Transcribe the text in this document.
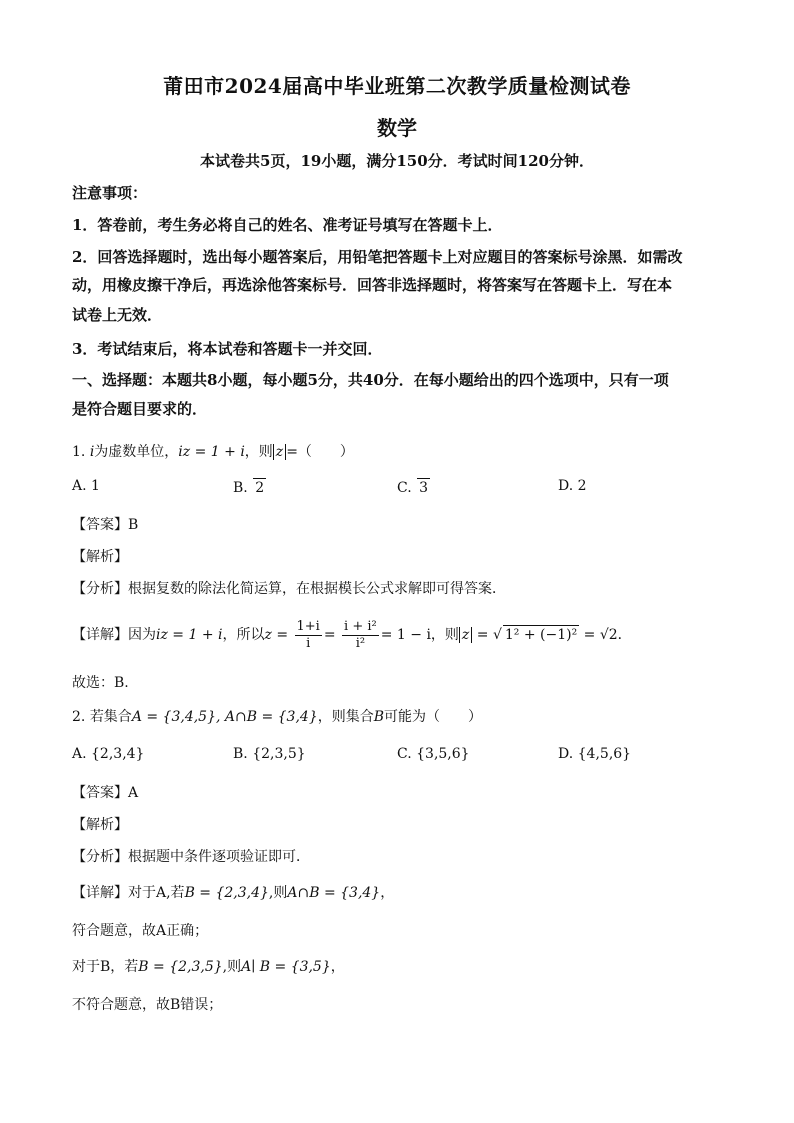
莆田市2024届高中毕业班第二次教学质量检测试卷
数学
本试卷共5页，19小题，满分150分．考试时间120分钟．
注意事项：
1．答卷前，考生务必将自己的姓名、准考证号填写在答题卡上．
2．回答选择题时，选出每小题答案后，用铅笔把答题卡上对应题目的答案标号涂黑．如需改
动，用橡皮擦干净后，再选涂他答案标号．回答非选择题时，将答案写在答题卡上．写在本
试卷上无效．
3．考试结束后，将本试卷和答题卡一并交回．
一、选择题：本题共8小题，每小题5分，共40分．在每小题给出的四个选项中，只有一项
是符合题目要求的．
1. i为虚数单位，iz = 1 + i，则 z =（　　）
A. 1	B. 2	C. 3	D. 2
【答案】B
【解析】
【分析】根据复数的除法化简运算，在根据模长公式求解即可得答案．
【详解】因为iz = 1 + i，所以$z = \frac{1+i}{i} = \frac{\text{i + i²}}{\text{i²}} = 1 - i$，则 z = √ 1² + (−1)² = √2．
故选：B.
2. 若集合A = {3,4,5}, A∩B = {3,4}，则集合B可能为（　　）
A. {2,3,4}	B. {2,3,5}	C. {3,5,6}	D. {4,5,6}
【答案】A
【解析】
【分析】根据题中条件逐项验证即可．
【详解】对于A,若B = {2,3,4},则A∩B = {3,4}，
符合题意，故A正确；
对于B，若B = {2,3,5},则A∣ B = {3,5}，
不符合题意，故B错误；
